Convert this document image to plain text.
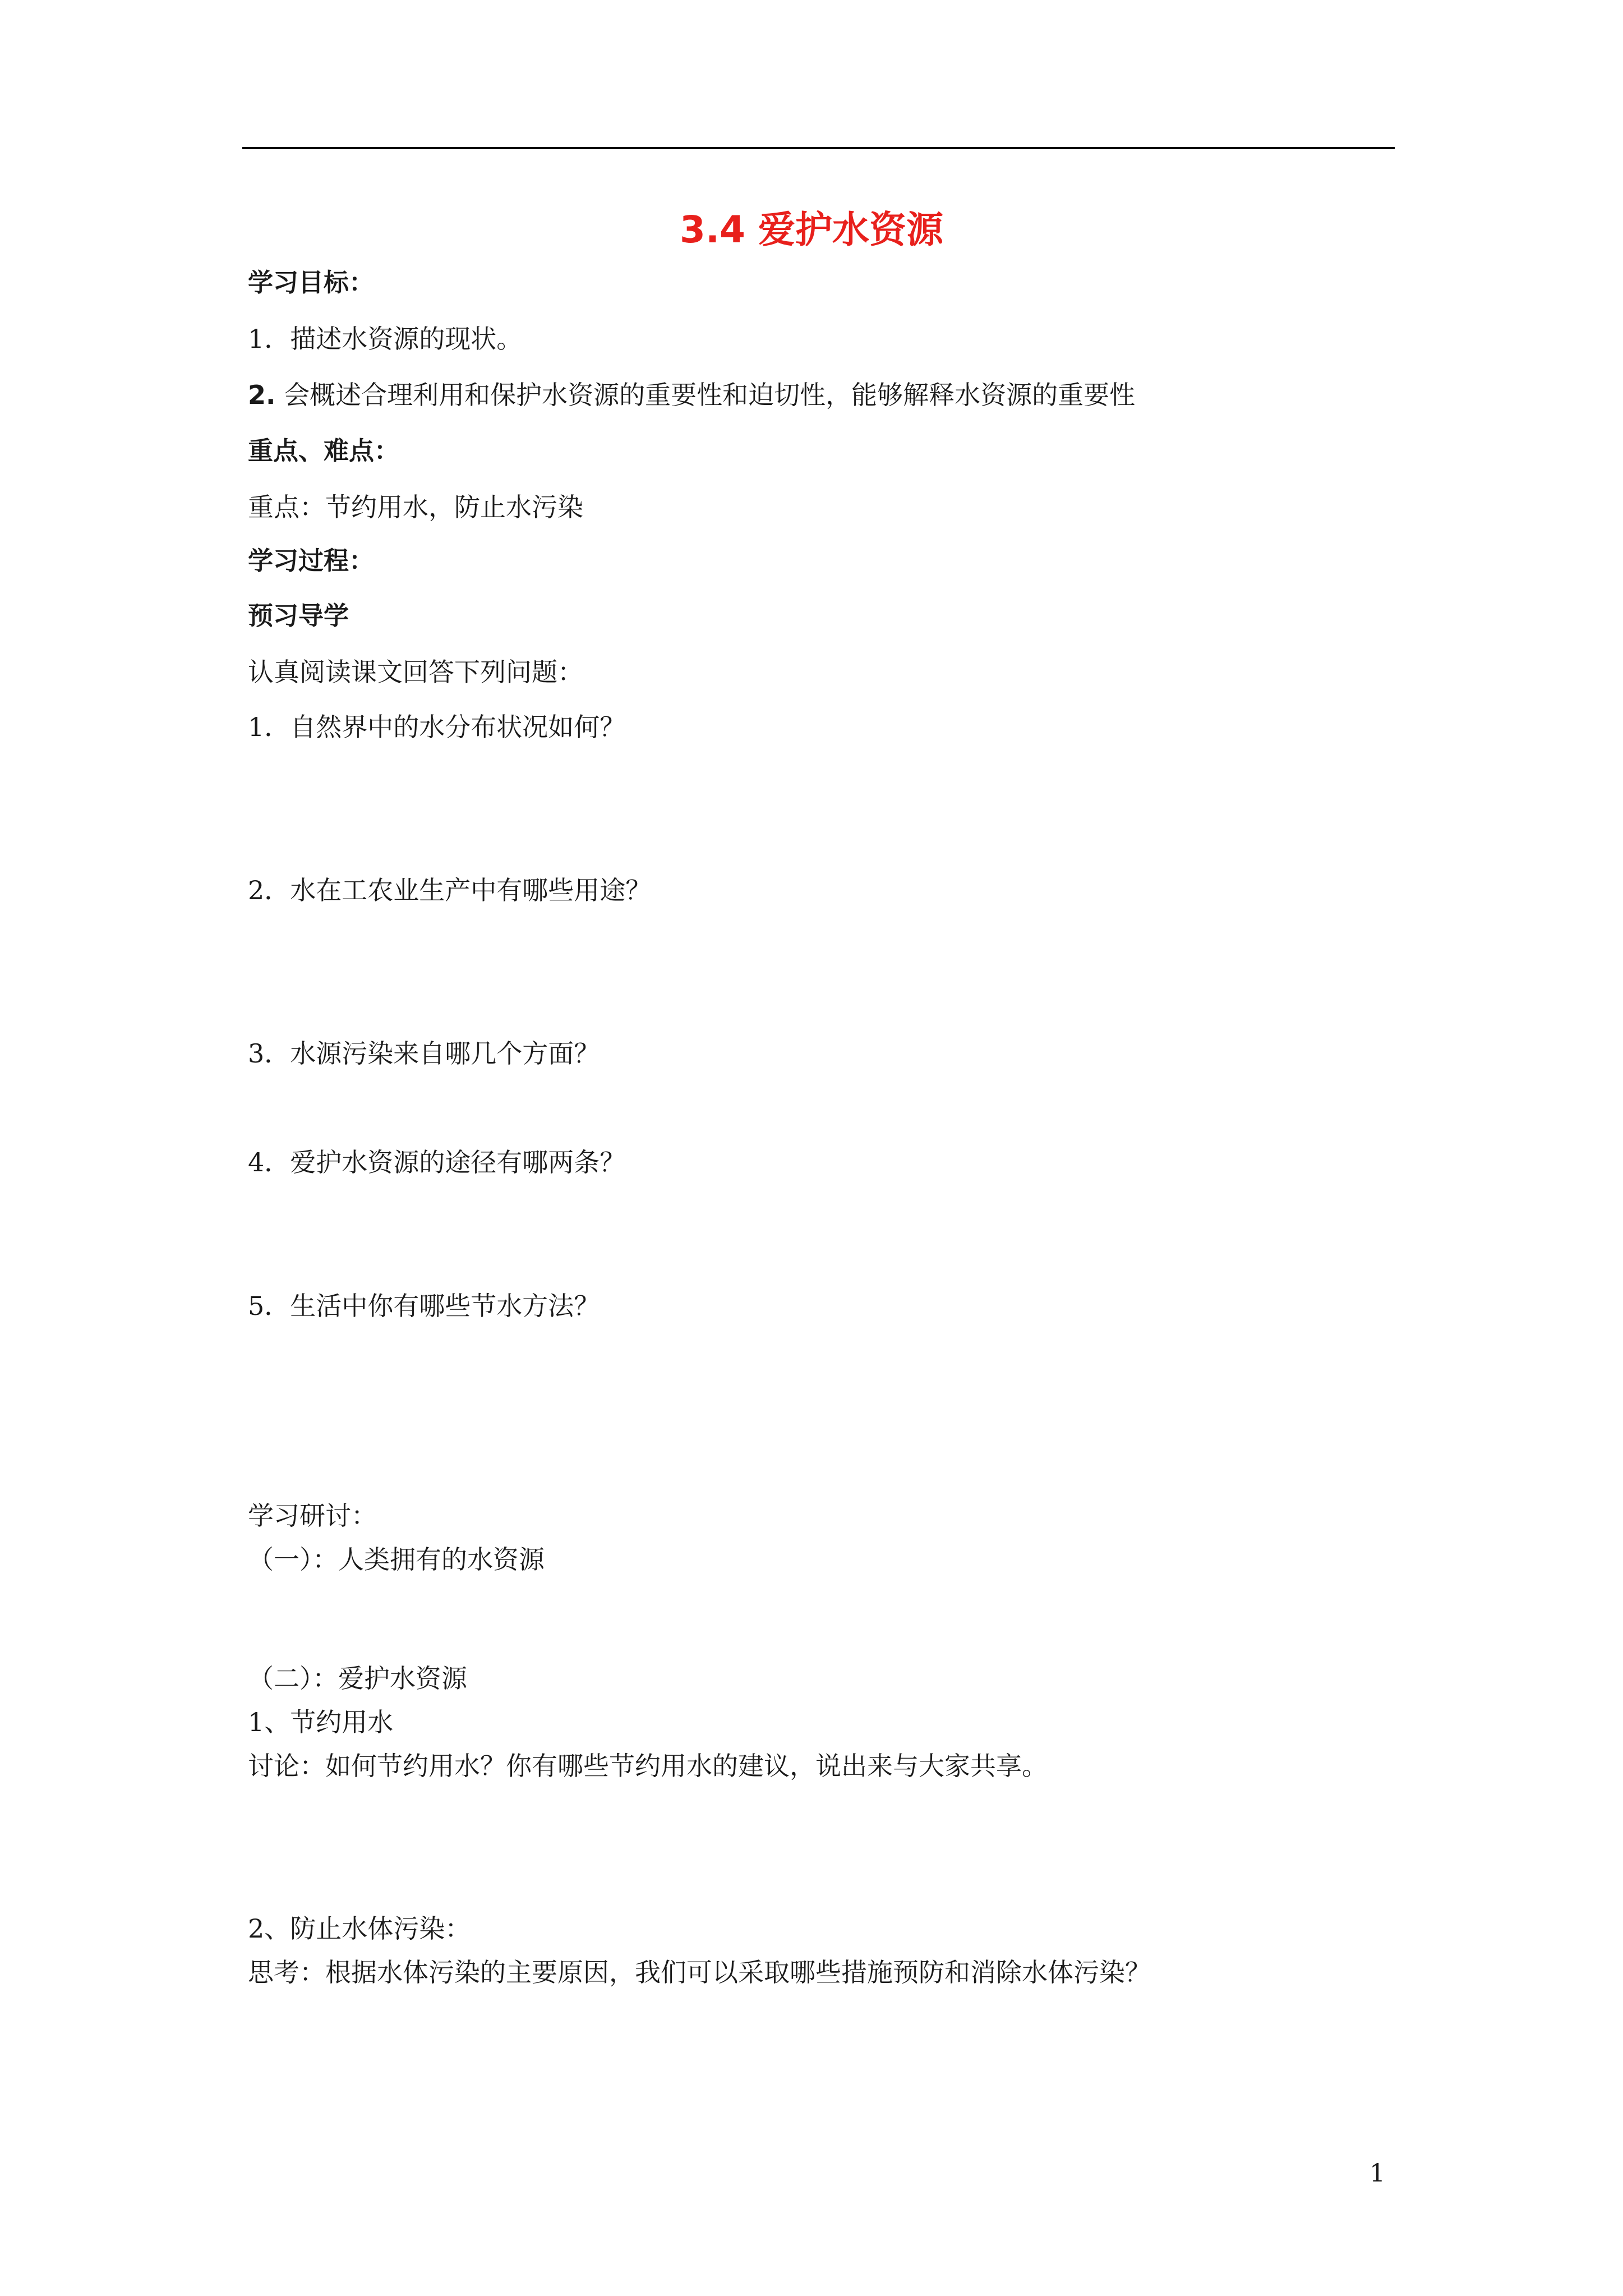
3.4 爱护水资源
学习目标：
1．描述水资源的现状。
2. 会概述合理利用和保护水资源的重要性和迫切性，能够解释水资源的重要性
重点、难点：
重点：节约用水，防止水污染
学习过程：
预习导学
认真阅读课文回答下列问题：
1．自然界中的水分布状况如何？
2．水在工农业生产中有哪些用途？
3．水源污染来自哪几个方面？
4．爱护水资源的途径有哪两条？
5．生活中你有哪些节水方法？
学习研讨：
（一）：人类拥有的水资源
（二）：爱护水资源
1、节约用水
讨论：如何节约用水？你有哪些节约用水的建议，说出来与大家共享。
2、防止水体污染：
思考：根据水体污染的主要原因，我们可以采取哪些措施预防和消除水体污染？
1
